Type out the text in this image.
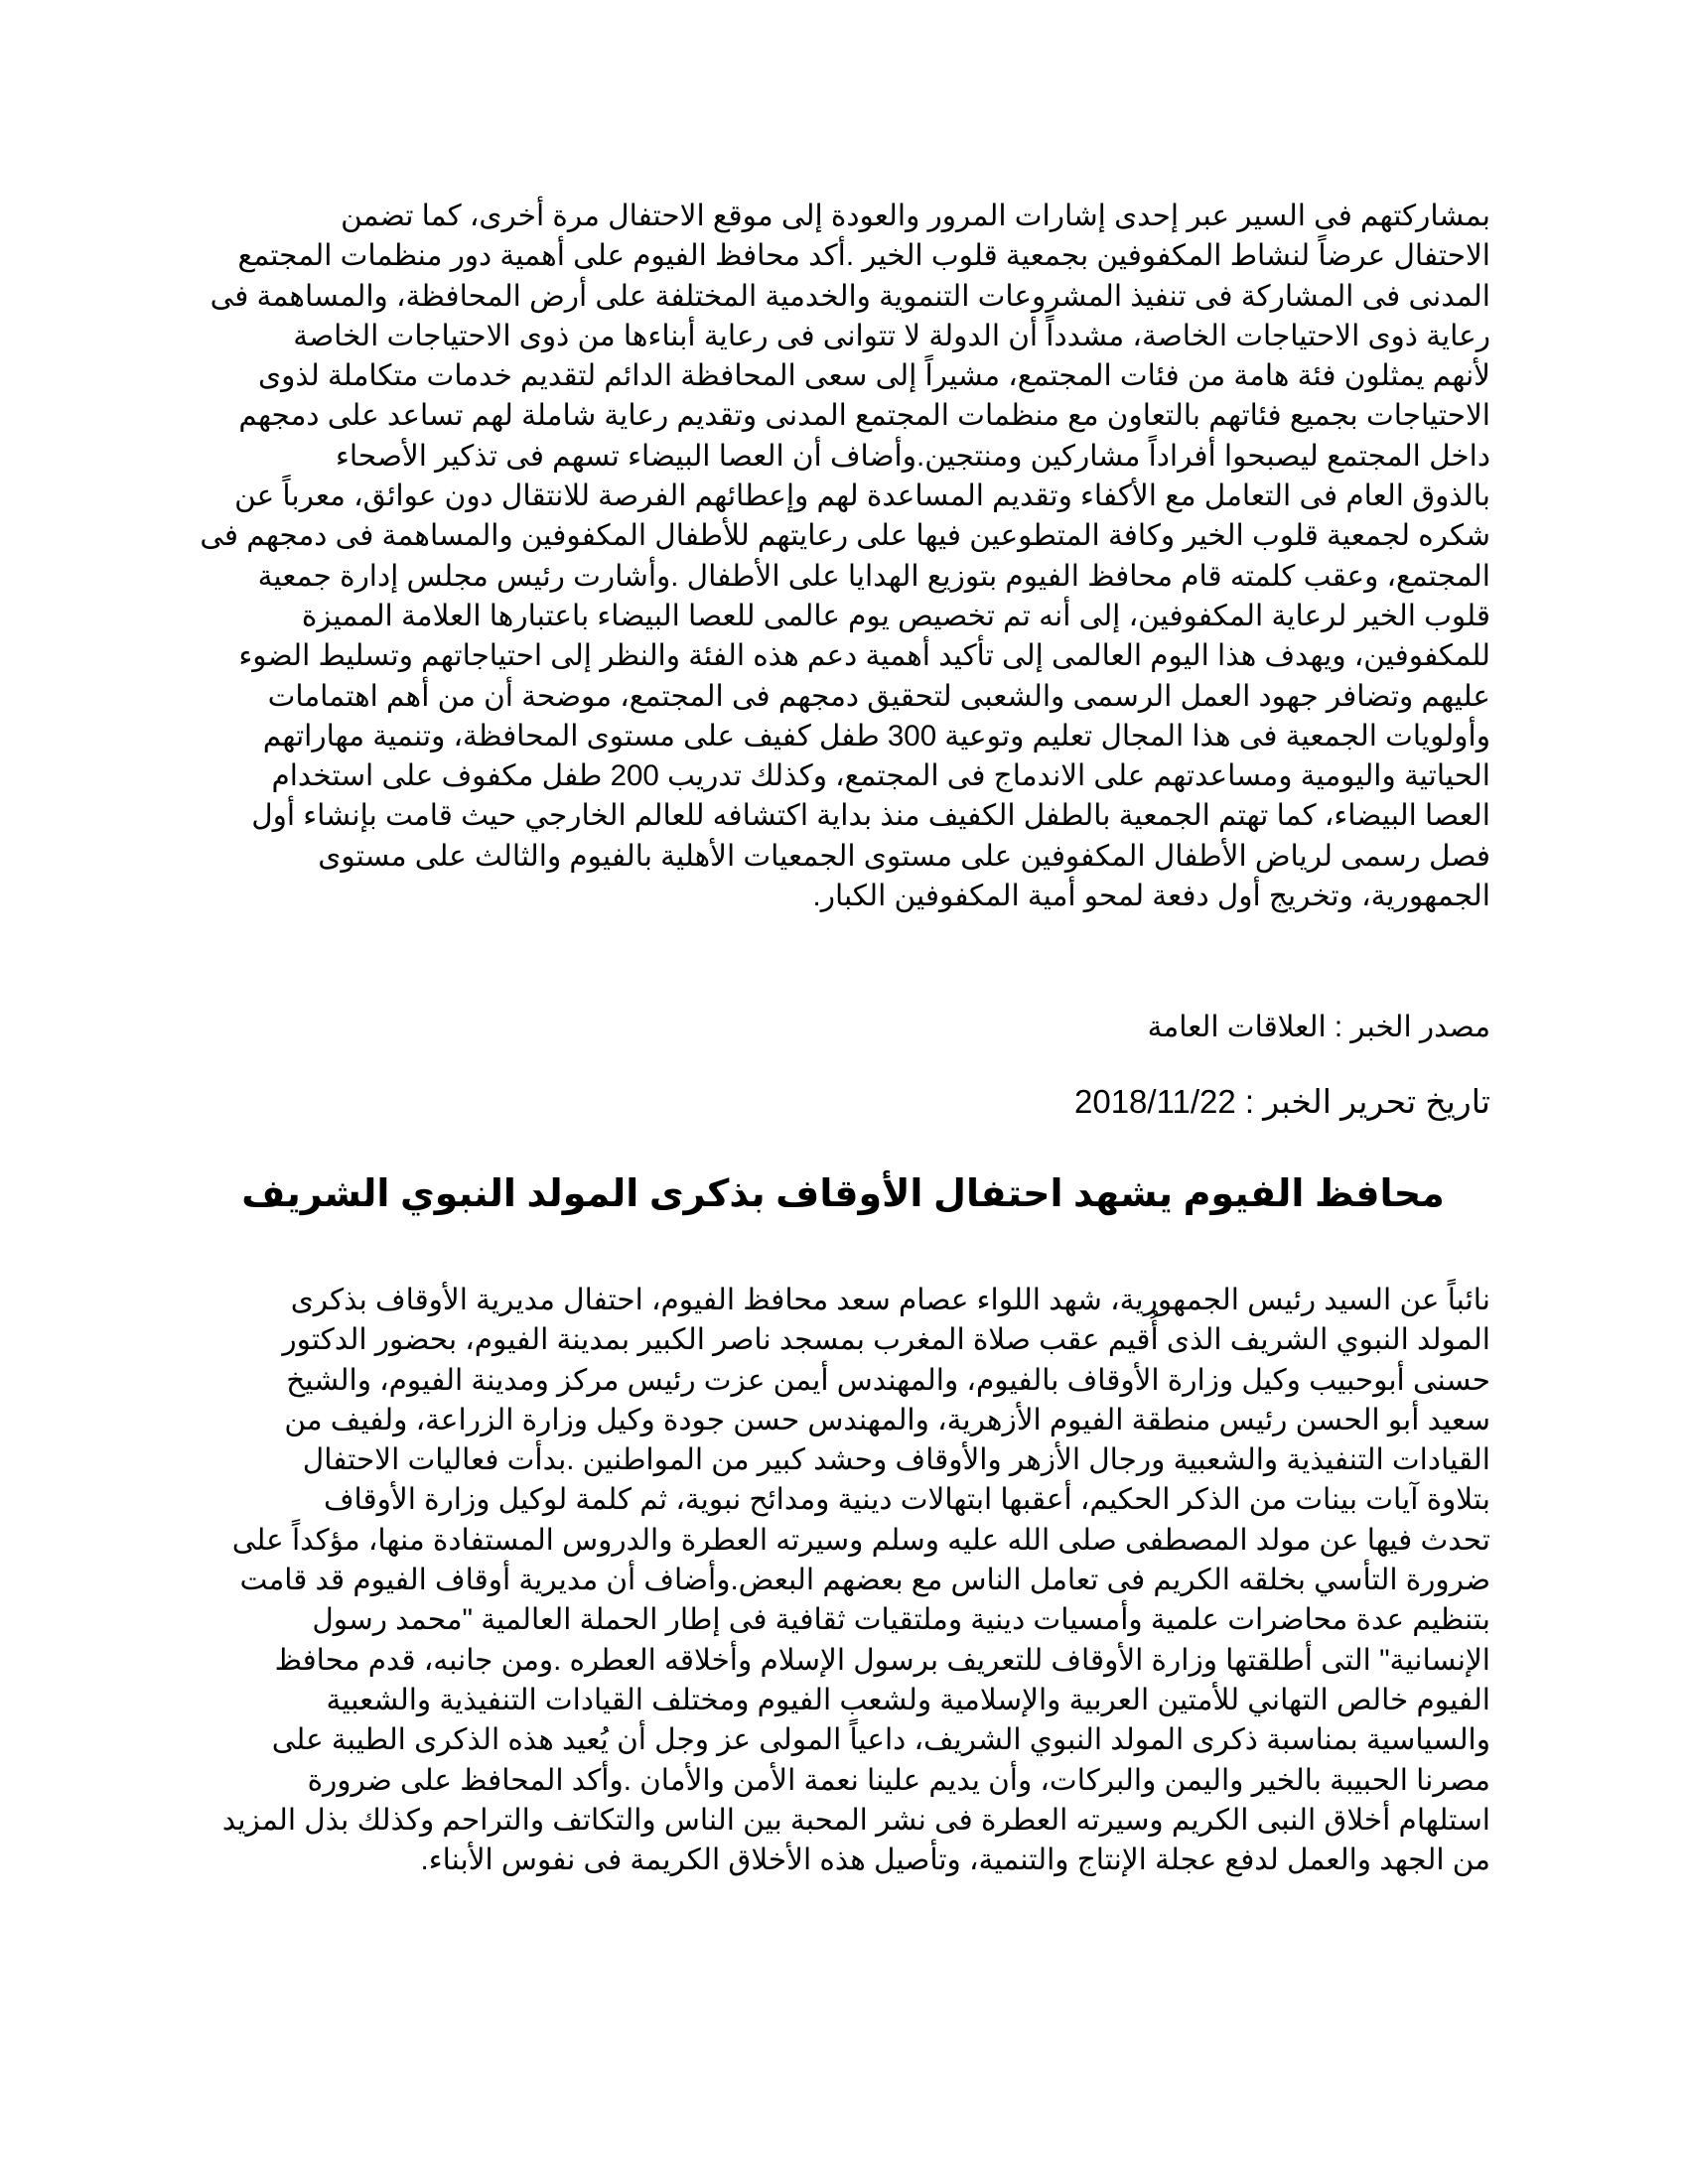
بمشاركتهم فى السير عبر إحدى إشارات المرور والعودة إلى موقع الاحتفال مرة أخرى، كما تضمن
الاحتفال عرضاً لنشاط المكفوفين بجمعية قلوب الخير .أكد محافظ الفيوم على أهمية دور منظمات المجتمع
المدنى فى المشاركة فى تنفيذ المشروعات التنموية والخدمية المختلفة على أرض المحافظة، والمساهمة فى
رعاية ذوى الاحتياجات الخاصة، مشدداً أن الدولة لا تتوانى فى رعاية أبناءها من ذوى الاحتياجات الخاصة
لأنهم يمثلون فئة هامة من فئات المجتمع، مشيراً إلى سعى المحافظة الدائم لتقديم خدمات متكاملة لذوى
الاحتياجات بجميع فئاتهم بالتعاون مع منظمات المجتمع المدنى وتقديم رعاية شاملة لهم تساعد على دمجهم
داخل المجتمع ليصبحوا أفراداً مشاركين ومنتجين.وأضاف أن العصا البيضاء تسهم فى تذكير الأصحاء
بالذوق العام فى التعامل مع الأكفاء وتقديم المساعدة لهم وإعطائهم الفرصة للانتقال دون عوائق، معرباً عن
شكره لجمعية قلوب الخير وكافة المتطوعين فيها على رعايتهم للأطفال المكفوفين والمساهمة فى دمجهم فى
المجتمع، وعقب كلمته قام محافظ الفيوم بتوزيع الهدايا على الأطفال .وأشارت رئيس مجلس إدارة جمعية
قلوب الخير لرعاية المكفوفين، إلى أنه تم تخصيص يوم عالمى للعصا البيضاء باعتبارها العلامة المميزة
للمكفوفين، ويهدف هذا اليوم العالمى إلى تأكيد أهمية دعم هذه الفئة والنظر إلى احتياجاتهم وتسليط الضوء
عليهم وتضافر جهود العمل الرسمى والشعبى لتحقيق دمجهم فى المجتمع، موضحة أن من أهم اهتمامات
وأولويات الجمعية فى هذا المجال تعليم وتوعية 300 طفل كفيف على مستوى المحافظة، وتنمية مهاراتهم
الحياتية واليومية ومساعدتهم على الاندماج فى المجتمع، وكذلك تدريب 200 طفل مكفوف على استخدام
العصا البيضاء، كما تهتم الجمعية بالطفل الكفيف منذ بداية اكتشافه للعالم الخارجي حيث قامت بإنشاء أول
فصل رسمى لرياض الأطفال المكفوفين على مستوى الجمعيات الأهلية بالفيوم والثالث على مستوى
الجمهورية، وتخريج أول دفعة لمحو أمية المكفوفين الكبار.

مصدر الخبر : العلاقات العامة

تاريخ تحرير الخبر : 2018/11/22

محافظ الفيوم يشهد احتفال الأوقاف بذكرى المولد النبوي الشريف

نائباً عن السيد رئيس الجمهورية، شهد اللواء عصام سعد محافظ الفيوم، احتفال مديرية الأوقاف بذكرى
المولد النبوي الشريف الذى أُقيم عقب صلاة المغرب بمسجد ناصر الكبير بمدينة الفيوم، بحضور الدكتور
حسنى أبوحبيب وكيل وزارة الأوقاف بالفيوم، والمهندس أيمن عزت رئيس مركز ومدينة الفيوم، والشيخ
سعيد أبو الحسن رئيس منطقة الفيوم الأزهرية، والمهندس حسن جودة وكيل وزارة الزراعة، ولفيف من
القيادات التنفيذية والشعبية ورجال الأزهر والأوقاف وحشد كبير من المواطنين .بدأت فعاليات الاحتفال
بتلاوة آيات بينات من الذكر الحكيم، أعقبها ابتهالات دينية ومدائح نبوية، ثم كلمة لوكيل وزارة الأوقاف
تحدث فيها عن مولد المصطفى صلى الله عليه وسلم وسيرته العطرة والدروس المستفادة منها، مؤكداً على
ضرورة التأسي بخلقه الكريم فى تعامل الناس مع بعضهم البعض.وأضاف أن مديرية أوقاف الفيوم قد قامت
بتنظيم عدة محاضرات علمية وأمسيات دينية وملتقيات ثقافية فى إطار الحملة العالمية "محمد رسول
الإنسانية" التى أطلقتها وزارة الأوقاف للتعريف برسول الإسلام وأخلاقه العطره .ومن جانبه، قدم محافظ
الفيوم خالص التهاني للأمتين العربية والإسلامية ولشعب الفيوم ومختلف القيادات التنفيذية والشعبية
والسياسية بمناسبة ذكرى المولد النبوي الشريف، داعياً المولى عز وجل أن يُعيد هذه الذكرى الطيبة على
مصرنا الحبيبة بالخير واليمن والبركات، وأن يديم علينا نعمة الأمن والأمان .وأكد المحافظ على ضرورة
استلهام أخلاق النبى الكريم وسيرته العطرة فى نشر المحبة بين الناس والتكاتف والتراحم وكذلك بذل المزيد
من الجهد والعمل لدفع عجلة الإنتاج والتنمية، وتأصيل هذه الأخلاق الكريمة فى نفوس الأبناء.
